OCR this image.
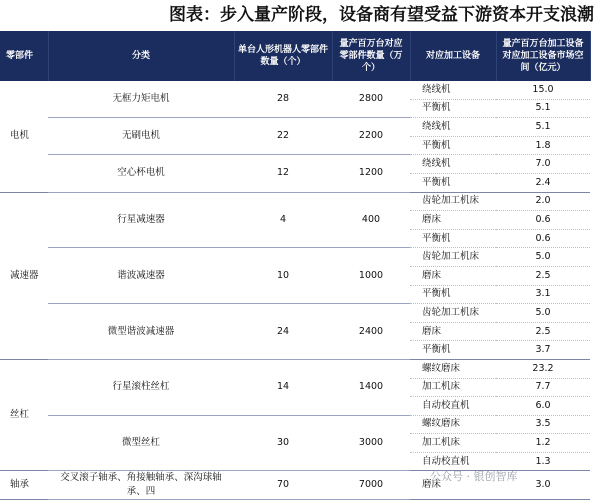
图表：步入量产阶段，设备商有望受益下游资本开支浪潮
零部件	分类	单台人形机器人零部件数量（个）	量产百万台对应零部件数量（万个）	对应加工设备	量产百万台加工设备对应加工设备市场空间（亿元）
电机	无框力矩电机	28	2800	绕线机	15.0
				平衡机	5.1
	无刷电机	22	2200	绕线机	5.1
				平衡机	1.8
	空心杯电机	12	1200	绕线机	7.0
				平衡机	2.4
减速器	行星减速器	4	400	齿轮加工机床	2.0
				磨床	0.6
				平衡机	0.6
	谐波减速器	10	1000	齿轮加工机床	5.0
				磨床	2.5
				平衡机	3.1
	微型谐波减速器	24	2400	齿轮加工机床	5.0
				磨床	2.5
				平衡机	3.7
丝杠	行星滚柱丝杠	14	1400	螺纹磨床	23.2
				加工机床	7.7
				自动校直机	6.0
	微型丝杠	30	3000	螺纹磨床	3.5
				加工机床	1.2
				自动校直机	1.3
轴承	交叉滚子轴承、角接触轴承、深沟球轴承、四	70	7000	磨床	3.0
公众号 · 银创智库
